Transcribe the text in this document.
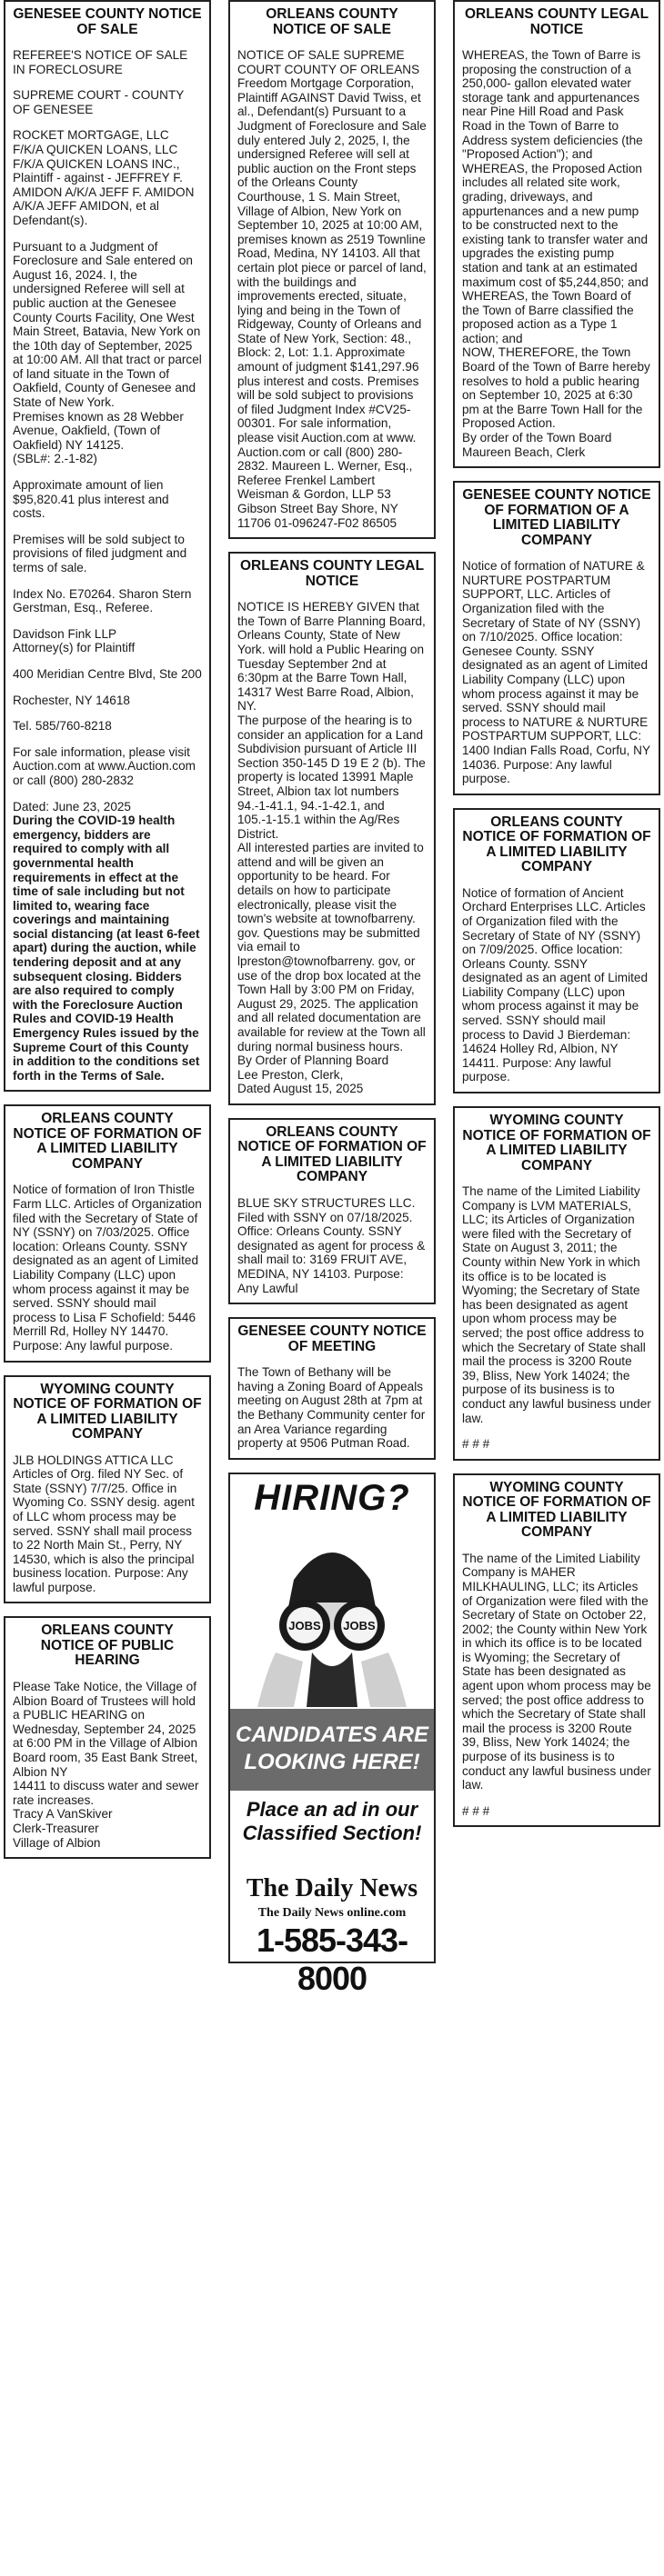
GENESEE COUNTY NOTICE OF SALE

REFEREE'S NOTICE OF SALE IN FORECLOSURE

SUPREME COURT - COUNTY OF GENESEE

ROCKET MORTGAGE, LLC F/K/A QUICKEN LOANS, LLC F/K/A QUICKEN LOANS INC., Plaintiff - against - JEFFREY F. AMIDON A/K/A JEFF F. AMIDON A/K/A JEFF AMIDON, et al Defendant(s).

Pursuant to a Judgment of Foreclosure and Sale entered on August 16, 2024. I, the undersigned Referee will sell at public auction at the Genesee County Courts Facility, One West Main Street, Batavia, New York on the 10th day of September, 2025 at 10:00 AM. All that tract or parcel of land situate in the Town of Oakfield, County of Genesee and State of New York.
Premises known as 28 Webber Avenue, Oakfield, (Town of Oakfield) NY 14125.
(SBL#: 2.-1-82)

Approximate amount of lien $95,820.41 plus interest and costs.

Premises will be sold subject to provisions of filed judgment and terms of sale.

Index No. E70264. Sharon Stern Gerstman, Esq., Referee.

Davidson Fink LLP
Attorney(s) for Plaintiff

400 Meridian Centre Blvd, Ste 200

Rochester, NY 14618

Tel. 585/760-8218

For sale information, please visit Auction.com at www.Auction.com or call (800) 280-2832

Dated: June 23, 2025

During the COVID-19 health emergency, bidders are required to comply with all governmental health requirements in effect at the time of sale including but not limited to, wearing face coverings and maintaining social distancing (at least 6-feet apart) during the auction, while tendering deposit and at any subsequent closing. Bidders are also required to comply with the Foreclosure Auction Rules and COVID-19 Health Emergency Rules issued by the Supreme Court of this County in addition to the conditions set forth in the Terms of Sale.

ORLEANS COUNTY NOTICE OF FORMATION OF A LIMITED LIABILITY COMPANY

Notice of formation of Iron Thistle Farm LLC. Articles of Organization filed with the Secretary of State of NY (SSNY) on 7/03/2025. Office location: Orleans County. SSNY designated as an agent of Limited Liability Company (LLC) upon whom process against it may be served. SSNY should mail process to Lisa F Schofield: 5446 Merrill Rd, Holley NY 14470. Purpose: Any lawful purpose.

WYOMING COUNTY NOTICE OF FORMATION OF A LIMITED LIABILITY COMPANY

JLB HOLDINGS ATTICA LLC Articles of Org. filed NY Sec. of State (SSNY) 7/7/25. Office in Wyoming Co. SSNY desig. agent of LLC whom process may be served. SSNY shall mail process to 22 North Main St., Perry, NY 14530, which is also the principal business location. Purpose: Any lawful purpose.

ORLEANS COUNTY NOTICE OF PUBLIC HEARING

Please Take Notice, the Village of Albion Board of Trustees will hold a PUBLIC HEARING on Wednesday, September 24, 2025 at 6:00 PM in the Village of Albion Board room, 35 East Bank Street, Albion NY
14411 to discuss water and sewer rate increases.
Tracy A VanSkiver
Clerk-Treasurer
Village of Albion

ORLEANS COUNTY NOTICE OF SALE

NOTICE OF SALE SUPREME COURT COUNTY OF ORLEANS Freedom Mortgage Corporation, Plaintiff AGAINST David Twiss, et al., Defendant(s) Pursuant to a Judgment of Foreclosure and Sale duly entered July 2, 2025, I, the undersigned Referee will sell at public auction on the Front steps of the Orleans County Courthouse, 1 S. Main Street, Village of Albion, New York on September 10, 2025 at 10:00 AM, premises known as 2519 Townline Road, Medina, NY 14103. All that certain plot piece or parcel of land, with the buildings and improvements erected, situate, lying and being in the Town of Ridgeway, County of Orleans and State of New York, Section: 48., Block: 2, Lot: 1.1. Approximate amount of judgment $141,297.96 plus interest and costs. Premises will be sold subject to provisions of filed Judgment Index #CV25-00301. For sale information, please visit Auction.com at www. Auction.com or call (800) 280-2832. Maureen L. Werner, Esq., Referee Frenkel Lambert Weisman & Gordon, LLP 53 Gibson Street Bay Shore, NY 11706 01-096247-F02 86505

ORLEANS COUNTY LEGAL NOTICE

NOTICE IS HEREBY GIVEN that the Town of Barre Planning Board, Orleans County, State of New York. will hold a Public Hearing on Tuesday September 2nd at 6:30pm at the Barre Town Hall, 14317 West Barre Road, Albion, NY.
The purpose of the hearing is to consider an application for a Land Subdivision pursuant of Article III Section 350-145 D 19 E 2 (b). The property is located 13991 Maple Street, Albion tax lot numbers 94.-1-41.1, 94.-1-42.1, and 105.-1-15.1 within the Ag/Res District.
All interested parties are invited to attend and will be given an opportunity to be heard. For details on how to participate electronically, please visit the town's website at townofbarreny. gov. Questions may be submitted via email to lpreston@townofbarreny. gov, or use of the drop box located at the Town Hall by 3:00 PM on Friday, August 29, 2025. The application and all related documentation are available for review at the Town all during normal business hours.
By Order of Planning Board
Lee Preston, Clerk,
Dated August 15, 2025

ORLEANS COUNTY NOTICE OF FORMATION OF A LIMITED LIABILITY COMPANY

BLUE SKY STRUCTURES LLC. Filed with SSNY on 07/18/2025. Office: Orleans County. SSNY designated as agent for process & shall mail to: 3169 FRUIT AVE, MEDINA, NY 14103. Purpose: Any Lawful

GENESEE COUNTY NOTICE OF MEETING

The Town of Bethany will be having a Zoning Board of Appeals meeting on August 28th at 7pm at the Bethany Community center for an Area Variance regarding property at 9506 Putman Road.

HIRING?
JOBS JOBS
CANDIDATES ARE
LOOKING HERE!
Place an ad in our Classified Section!
The Daily News
The Daily News online.com
1-585-343-8000
ORLEANS COUNTY LEGAL NOTICE

WHEREAS, the Town of Barre is proposing the construction of a 250,000- gallon elevated water storage tank and appurtenances near Pine Hill Road and Pask Road in the Town of Barre to Address system deficiencies (the "Proposed Action"); and WHEREAS, the Proposed Action includes all related site work, grading, driveways, and appurtenances and a new pump to be constructed next to the existing tank to transfer water and upgrades the existing pump station and tank at an estimated maximum cost of $5,244,850; and WHEREAS, the Town Board of the Town of Barre classified the proposed action as a Type 1 action; and
NOW, THEREFORE, the Town Board of the Town of Barre hereby resolves to hold a public hearing on September 10, 2025 at 6:30 pm at the Barre Town Hall for the Proposed Action.
By order of the Town Board
Maureen Beach, Clerk

GENESEE COUNTY NOTICE OF FORMATION OF A LIMITED LIABILITY COMPANY

Notice of formation of NATURE & NURTURE POSTPARTUM SUPPORT, LLC. Articles of Organization filed with the Secretary of State of NY (SSNY) on 7/10/2025. Office location: Genesee County. SSNY designated as an agent of Limited Liability Company (LLC) upon whom process against it may be served. SSNY should mail process to NATURE & NURTURE POSTPARTUM SUPPORT, LLC: 1400 Indian Falls Road, Corfu, NY 14036. Purpose: Any lawful purpose.

ORLEANS COUNTY NOTICE OF FORMATION OF A LIMITED LIABILITY COMPANY

Notice of formation of Ancient Orchard Enterprises LLC. Articles of Organization filed with the Secretary of State of NY (SSNY) on 7/09/2025. Office location: Orleans County. SSNY designated as an agent of Limited Liability Company (LLC) upon whom process against it may be served. SSNY should mail process to David J Bierdeman: 14624 Holley Rd, Albion, NY 14411. Purpose: Any lawful purpose.

WYOMING COUNTY NOTICE OF FORMATION OF A LIMITED LIABILITY COMPANY

The name of the Limited Liability Company is LVM MATERIALS, LLC; its Articles of Organization were filed with the Secretary of State on August 3, 2011; the County within New York in which its office is to be located is Wyoming; the Secretary of State has been designated as agent upon whom process may be served; the post office address to which the Secretary of State shall mail the process is 3200 Route 39, Bliss, New York 14024; the purpose of its business is to conduct any lawful business under law.

# # #

WYOMING COUNTY NOTICE OF FORMATION OF A LIMITED LIABILITY COMPANY

The name of the Limited Liability Company is MAHER MILKHAULING, LLC; its Articles of Organization were filed with the Secretary of State on October 22, 2002; the County within New York in which its office is to be located is Wyoming; the Secretary of State has been designated as agent upon whom process may be served; the post office address to which the Secretary of State shall mail the process is 3200 Route 39, Bliss, New York 14024; the purpose of its business is to conduct any lawful business under law.

# # #
